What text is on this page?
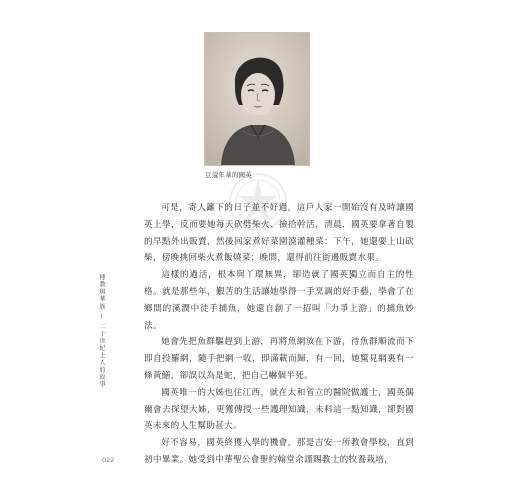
豆蔻年華的國英

可是，寄人籬下的日子並不好過，這戶人家一開始沒有及時讓國英上學，反而要她每天砍劈柴火、撿拾幹活，清晨，國英要拿著自製的早點外出販賣，然後回家煮好菜園澆灌種菜：下午，她還要上山砍柴，傍晚挑回柴火煮飯燒菜；晚間，還得前往街邊販賣水果。

這樣的過活，根本與丫環無異，卻造就了國英獨立而自主的性格。就是那些年，艱苦的生活讓她學得一手烹調的好手藝，學會了在鄉間的溪潤中徒手捕魚，她還自創了一招叫「力爭上游」的捕魚妙法。

她會先把魚群驅趕到上游，再將魚網放在下游，待魚群順流而下即自投羅網，隨手把網一收，即滿載而歸，有一回，她驚見網裏有一條黃鱔，卻誤以為是蛇，把自己嚇個半死。

國英唯一的大姊也住江西，就在太和省立的醫院做護士，國英偶爾會去探望大姊，更獲傳授一些護理知識，未料這一點知識，卻對國英未來的人生幫助甚大。

好不容易，國英終獲入學的機會，那是吉安一所教會學校，直到初中畢業。她受到中華聖公會聖約翰堂余謹賜教士的牧養栽培，

傳教與華族 — 二十世紀上人的故事
022
